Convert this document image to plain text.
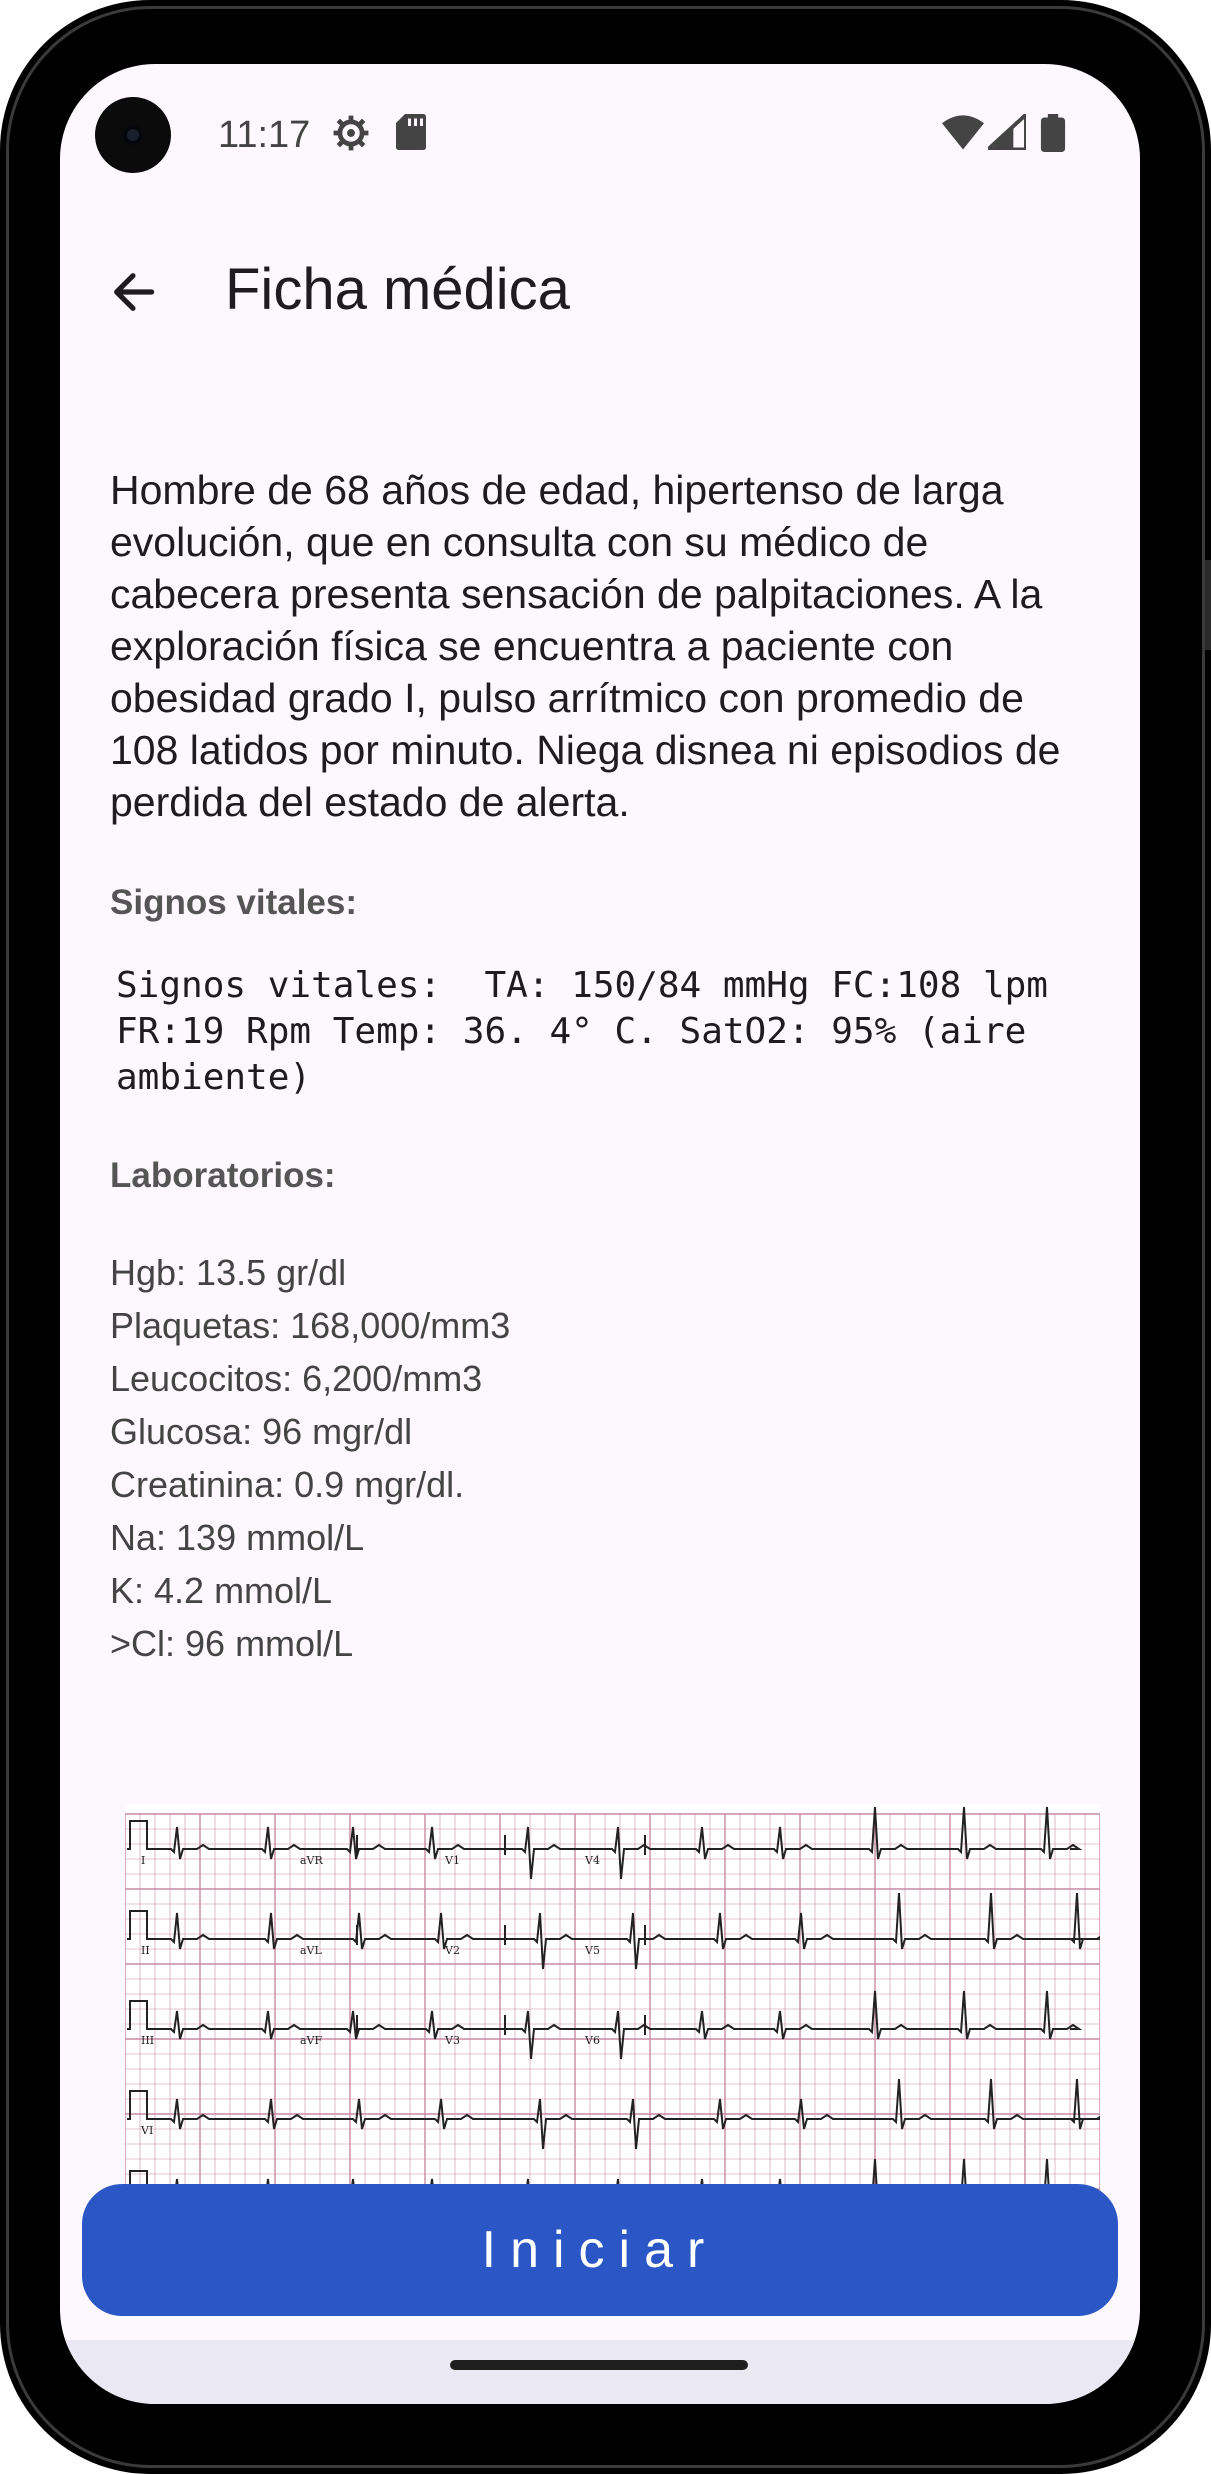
11:17
Ficha médica

Hombre de 68 años de edad, hipertenso de larga evolución, que en consulta con su médico de cabecera presenta sensación de palpitaciones. A la exploración física se encuentra a paciente con obesidad grado I, pulso arrítmico con promedio de 108 latidos por minuto. Niega disnea ni episodios de perdida del estado de alerta.

Signos vitales:
Signos vitales:  TA: 150/84 mmHg FC:108 lpm FR:19 Rpm Temp: 36. 4° C. SatO2: 95% (aire ambiente)
Laboratorios:
Hgb: 13.5 gr/dl
Plaquetas: 168,000/mm3
Leucocitos: 6,200/mm3
Glucosa: 96 mgr/dl
Creatinina: 0.9 mgr/dl.
Na: 139 mmol/L
K: 4.2 mmol/L
>Cl: 96 mmol/L
I	aVR	V1	V4
II	aVL	V2	V5
III	aVF	V3	V6
VI
Iniciar
